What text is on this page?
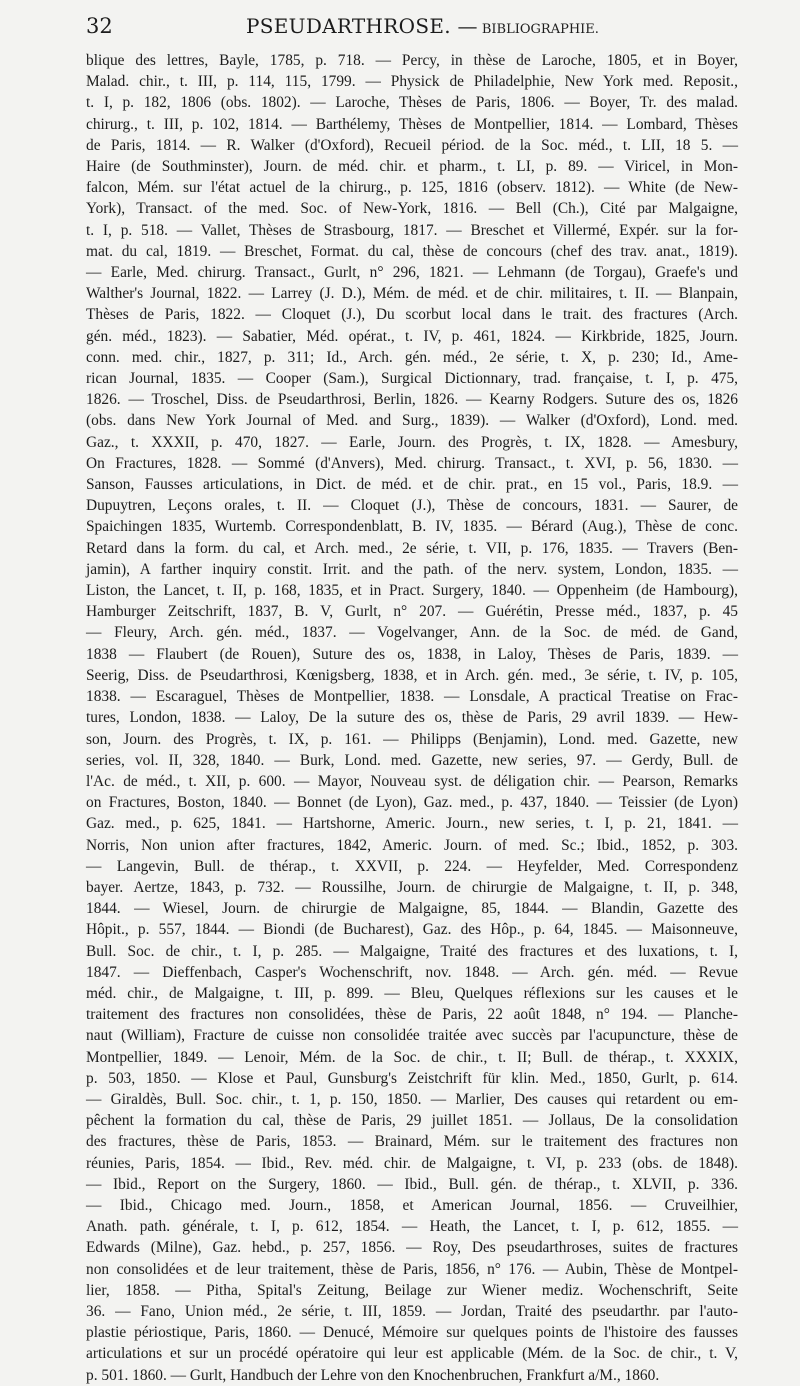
32	PSEUDARTHROSE. — BIBLIOGRAPHIE.
blique des lettres, Bayle, 1785, p. 718. — Percy, in thèse de Laroche, 1805, et in Boyer,
Malad. chir., t. III, p. 114, 115, 1799. — Physick de Philadelphie, New York med. Reposit.,
t. I, p. 182, 1806 (obs. 1802). — Laroche, Thèses de Paris, 1806. — Boyer, Tr. des malad.
chirurg., t. III, p. 102, 1814. — Barthélemy, Thèses de Montpellier, 1814. — Lombard, Thèses
de Paris, 1814. — R. Walker (d'Oxford), Recueil périod. de la Soc. méd., t. LII, 18 5. —
Haire (de Southminster), Journ. de méd. chir. et pharm., t. LI, p. 89. — Viricel, in Mon-
falcon, Mém. sur l'état actuel de la chirurg., p. 125, 1816 (observ. 1812). — White (de New-
York), Transact. of the med. Soc. of New-York, 1816. — Bell (Ch.), Cité par Malgaigne,
t. I, p. 518. — Vallet, Thèses de Strasbourg, 1817. — Breschet et Villermé, Expér. sur la for-
mat. du cal, 1819. — Breschet, Format. du cal, thèse de concours (chef des trav. anat., 1819).
— Earle, Med. chirurg. Transact., Gurlt, n° 296, 1821. — Lehmann (de Torgau), Graefe's und
Walther's Journal, 1822. — Larrey (J. D.), Mém. de méd. et de chir. militaires, t. II. — Blanpain,
Thèses de Paris, 1822. — Cloquet (J.), Du scorbut local dans le trait. des fractures (Arch.
gén. méd., 1823). — Sabatier, Méd. opérat., t. IV, p. 461, 1824. — Kirkbride, 1825, Journ.
conn. med. chir., 1827, p. 311; Id., Arch. gén. méd., 2e série, t. X, p. 230; Id., Ame-
rican Journal, 1835. — Cooper (Sam.), Surgical Dictionnary, trad. française, t. I, p. 475,
1826. — Troschel, Diss. de Pseudarthrosi, Berlin, 1826. — Kearny Rodgers. Suture des os, 1826
(obs. dans New York Journal of Med. and Surg., 1839). — Walker (d'Oxford), Lond. med.
Gaz., t. XXXII, p. 470, 1827. — Earle, Journ. des Progrès, t. IX, 1828. — Amesbury,
On Fractures, 1828. — Sommé (d'Anvers), Med. chirurg. Transact., t. XVI, p. 56, 1830. —
Sanson, Fausses articulations, in Dict. de méd. et de chir. prat., en 15 vol., Paris, 18.9. —
Dupuytren, Leçons orales, t. II. — Cloquet (J.), Thèse de concours, 1831. — Saurer, de
Spaichingen 1835, Wurtemb. Correspondenblatt, B. IV, 1835. — Bérard (Aug.), Thèse de conc.
Retard dans la form. du cal, et Arch. med., 2e série, t. VII, p. 176, 1835. — Travers (Ben-
jamin), A farther inquiry constit. Irrit. and the path. of the nerv. system, London, 1835. —
Liston, the Lancet, t. II, p. 168, 1835, et in Pract. Surgery, 1840. — Oppenheim (de Hambourg),
Hamburger Zeitschrift, 1837, B. V, Gurlt, n° 207. — Guérétin, Presse méd., 1837, p. 45
— Fleury, Arch. gén. méd., 1837. — Vogelvanger, Ann. de la Soc. de méd. de Gand,
1838 — Flaubert (de Rouen), Suture des os, 1838, in Laloy, Thèses de Paris, 1839. —
Seerig, Diss. de Pseudarthrosi, Kœnigsberg, 1838, et in Arch. gén. med., 3e série, t. IV, p. 105,
1838. — Escaraguel, Thèses de Montpellier, 1838. — Lonsdale, A practical Treatise on Frac-
tures, London, 1838. — Laloy, De la suture des os, thèse de Paris, 29 avril 1839. — Hew-
son, Journ. des Progrès, t. IX, p. 161. — Philipps (Benjamin), Lond. med. Gazette, new
series, vol. II, 328, 1840. — Burk, Lond. med. Gazette, new series, 97. — Gerdy, Bull. de
l'Ac. de méd., t. XII, p. 600. — Mayor, Nouveau syst. de déligation chir. — Pearson, Remarks
on Fractures, Boston, 1840. — Bonnet (de Lyon), Gaz. med., p. 437, 1840. — Teissier (de Lyon)
Gaz. med., p. 625, 1841. — Hartshorne, Americ. Journ., new series, t. I, p. 21, 1841. —
Norris, Non union after fractures, 1842, Americ. Journ. of med. Sc.; Ibid., 1852, p. 303.
— Langevin, Bull. de thérap., t. XXVII, p. 224. — Heyfelder, Med. Correspondenz
bayer. Aertze, 1843, p. 732. — Roussilhe, Journ. de chirurgie de Malgaigne, t. II, p. 348,
1844. — Wiesel, Journ. de chirurgie de Malgaigne, 85, 1844. — Blandin, Gazette des
Hôpit., p. 557, 1844. — Biondi (de Bucharest), Gaz. des Hôp., p. 64, 1845. — Maisonneuve,
Bull. Soc. de chir., t. I, p. 285. — Malgaigne, Traité des fractures et des luxations, t. I,
1847. — Dieffenbach, Casper's Wochenschrift, nov. 1848. — Arch. gén. méd. — Revue
méd. chir., de Malgaigne, t. III, p. 899. — Bleu, Quelques réflexions sur les causes et le
traitement des fractures non consolidées, thèse de Paris, 22 août 1848, n° 194. — Planche-
naut (William), Fracture de cuisse non consolidée traitée avec succès par l'acupuncture, thèse de
Montpellier, 1849. — Lenoir, Mém. de la Soc. de chir., t. II; Bull. de thérap., t. XXXIX,
p. 503, 1850. — Klose et Paul, Gunsburg's Zeistchrift für klin. Med., 1850, Gurlt, p. 614.
— Giraldès, Bull. Soc. chir., t. 1, p. 150, 1850. — Marlier, Des causes qui retardent ou em-
pêchent la formation du cal, thèse de Paris, 29 juillet 1851. — Jollaus, De la consolidation
des fractures, thèse de Paris, 1853. — Brainard, Mém. sur le traitement des fractures non
réunies, Paris, 1854. — Ibid., Rev. méd. chir. de Malgaigne, t. VI, p. 233 (obs. de 1848).
— Ibid., Report on the Surgery, 1860. — Ibid., Bull. gén. de thérap., t. XLVII, p. 336.
— Ibid., Chicago med. Journ., 1858, et American Journal, 1856. — Cruveilhier,
Anath. path. générale, t. I, p. 612, 1854. — Heath, the Lancet, t. I, p. 612, 1855. —
Edwards (Milne), Gaz. hebd., p. 257, 1856. — Roy, Des pseudarthroses, suites de fractures
non consolidées et de leur traitement, thèse de Paris, 1856, n° 176. — Aubin, Thèse de Montpel-
lier, 1858. — Pitha, Spital's Zeitung, Beilage zur Wiener mediz. Wochenschrift, Seite
36. — Fano, Union méd., 2e série, t. III, 1859. — Jordan, Traité des pseudarthr. par l'auto-
plastie périostique, Paris, 1860. — Denucé, Mémoire sur quelques points de l'histoire des fausses
articulations et sur un procédé opératoire qui leur est applicable (Mém. de la Soc. de chir., t. V,
p. 501. 1860. — Gurlt, Handbuch der Lehre von den Knochenbruchen, Frankfurt a/M., 1860.
